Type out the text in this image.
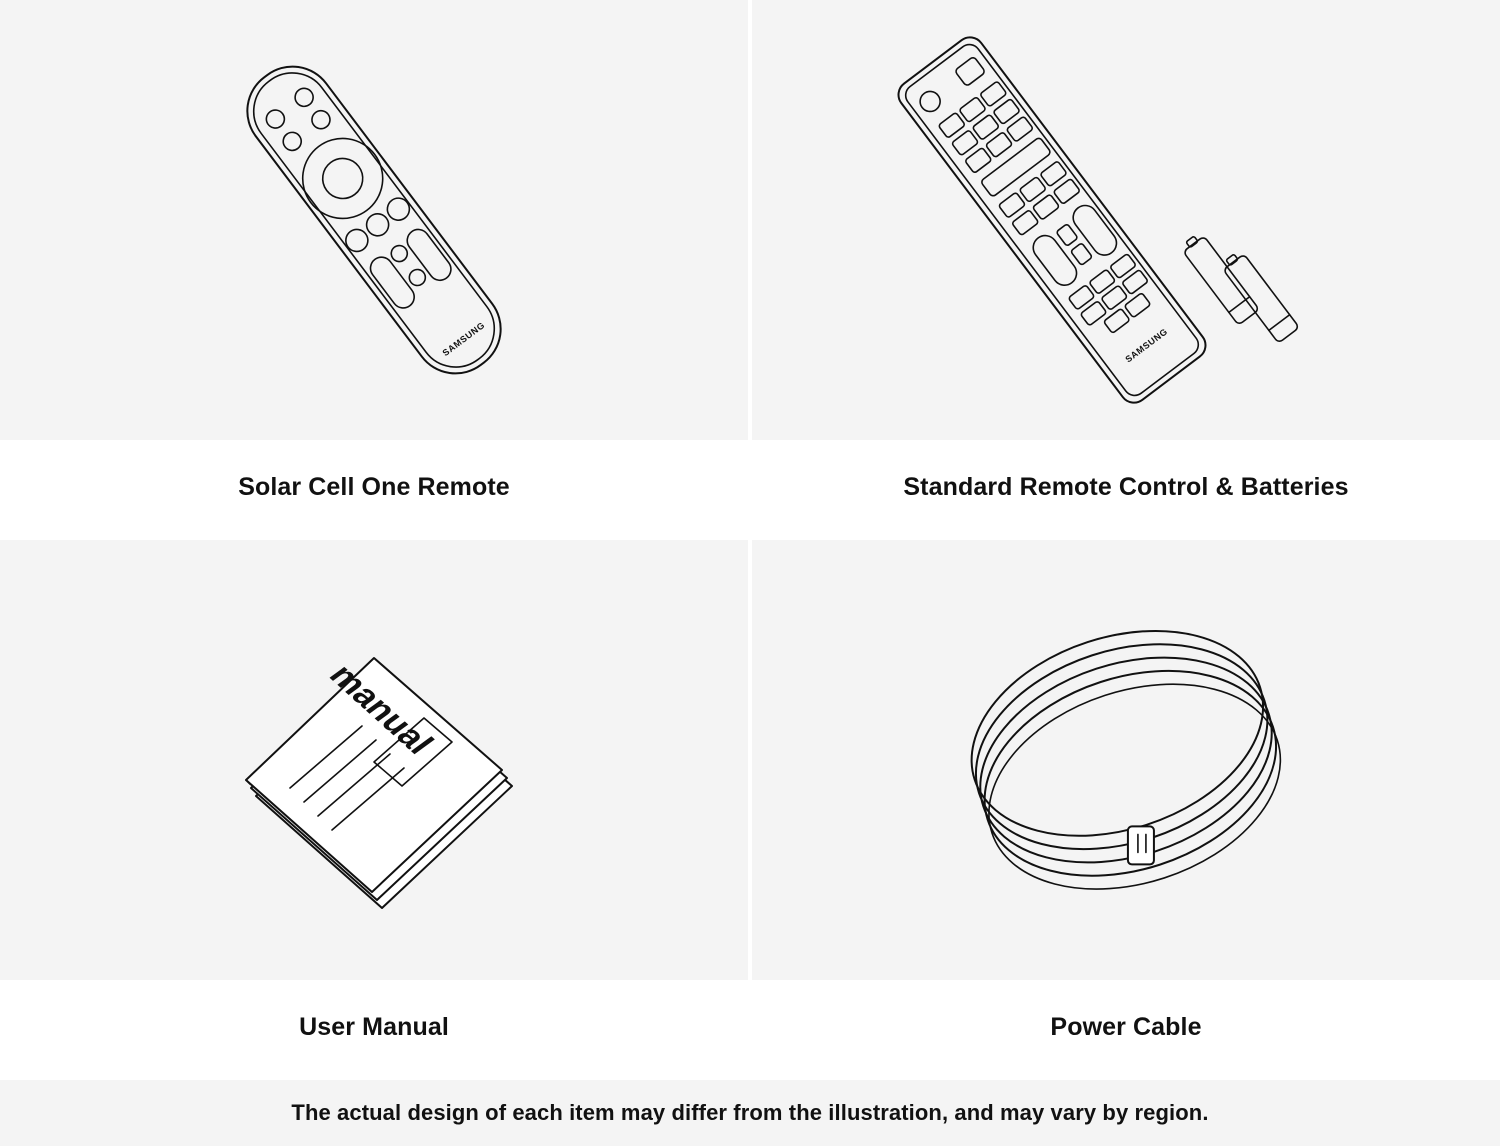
SAMSUNG
Solar Cell One Remote
SAMSUNG
Standard Remote Control & Batteries
manual
User Manual	Power Cable
The actual design of each item may differ from the illustration, and may vary by region.
